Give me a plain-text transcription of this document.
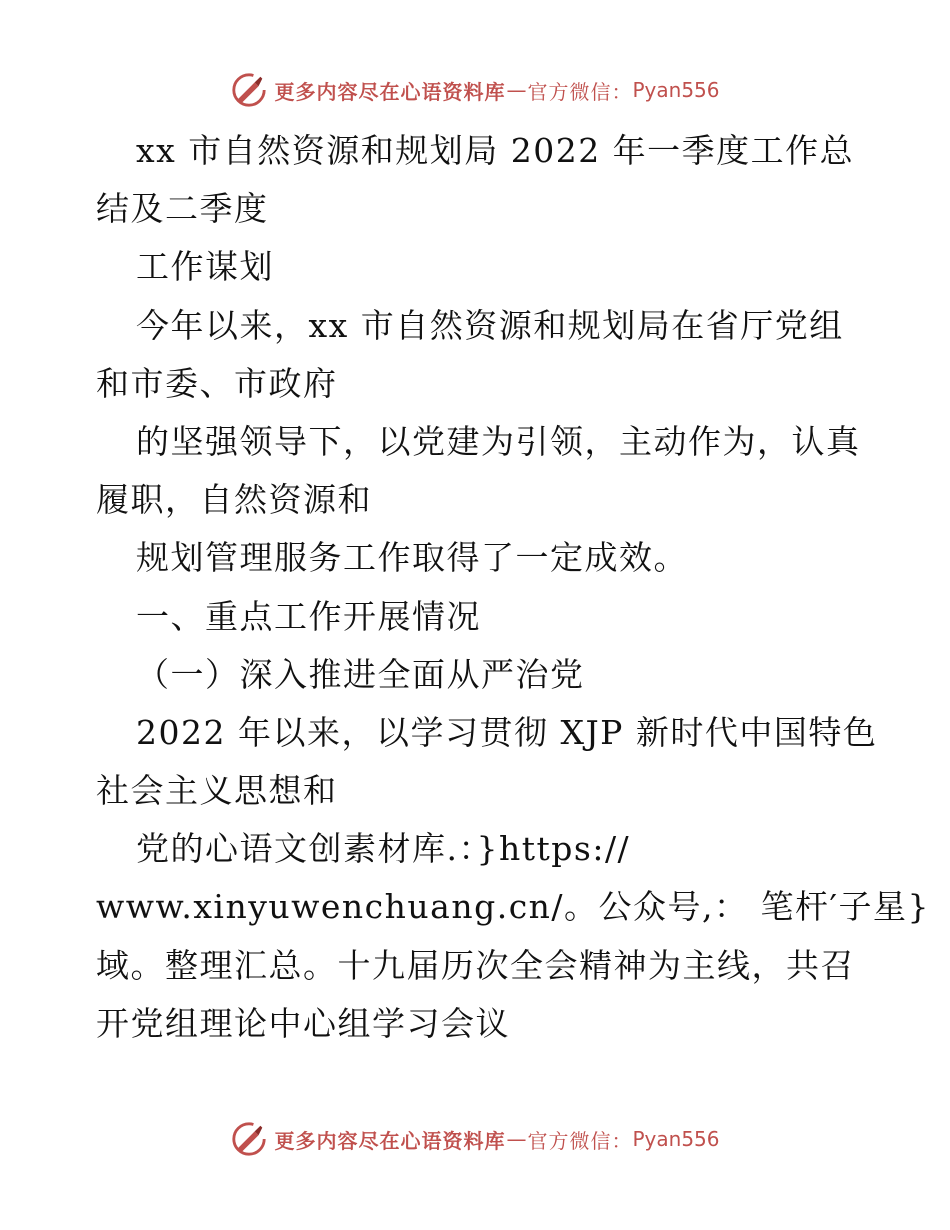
更多内容尽在心语资料库 — 官方微信： Pyan556
xx 市自然资源和规划局 2022 年一季度工作总
结及二季度
工作谋划
今年以来，xx 市自然资源和规划局在省厅党组
和市委、市政府
的坚强领导下，以党建为引领，主动作为，认真
履职，自然资源和
规划管理服务工作取得了一定成效。
一、重点工作开展情况
（一）深入推进全面从严治党
2022 年以来，以学习贯彻 XJP 新时代中国特色
社会主义思想和
党的心语文创素材库.：}https://
www.xinyuwenchuang.cn/。公众号,： 笔杆′子星}
域。整理汇总。十九届历次全会精神为主线，共召
开党组理论中心组学习会议
更多内容尽在心语资料库 — 官方微信： Pyan556
